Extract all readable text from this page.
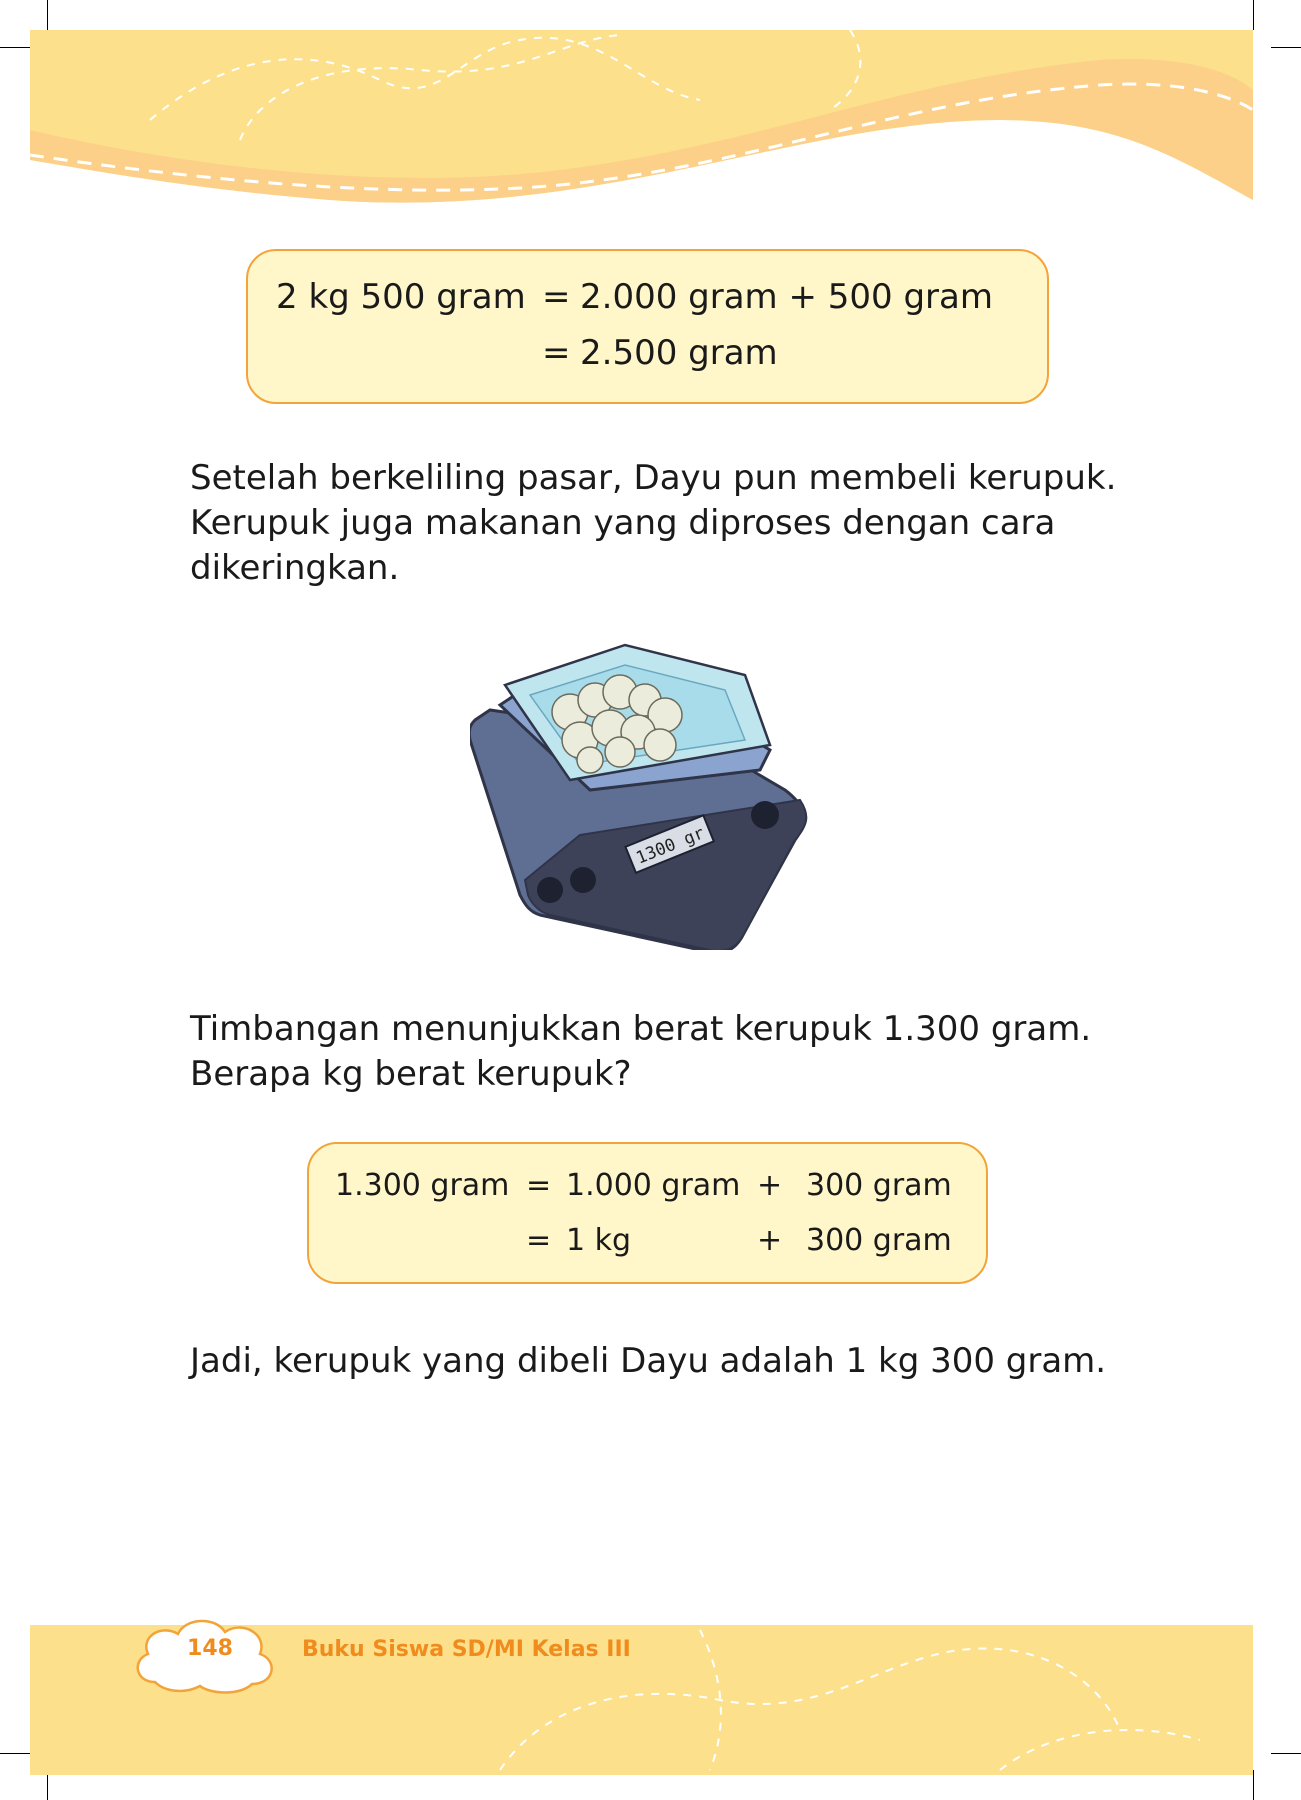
2 kg 500 gram = 2.000 gram + 500 gram
= 2.500 gram

Setelah berkeliling pasar, Dayu pun membeli kerupuk. Kerupuk juga makanan yang diproses dengan cara dikeringkan.

1300 gr

Timbangan menunjukkan berat kerupuk 1.300 gram. Berapa kg berat kerupuk?

1.300 gram = 1.000 gram + 300 gram
= 1 kg	+ 300 gram

Jadi, kerupuk yang dibeli Dayu adalah 1 kg 300 gram.

148	Buku Siswa SD/MI Kelas III
